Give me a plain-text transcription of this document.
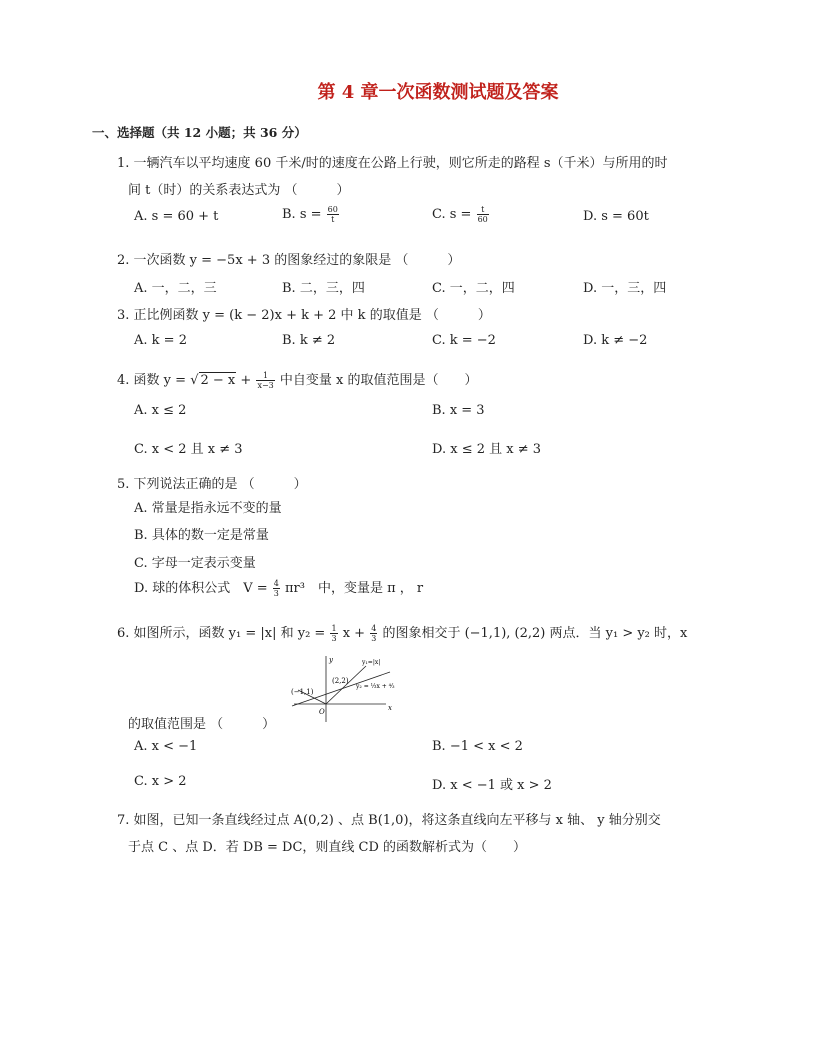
第 4 章一次函数测试题及答案
一、选择题（共 12 小题；共 36 分）
1. 一辆汽车以平均速度 60 千米/时的速度在公路上行驶，则它所走的路程 s（千米）与所用的时
间 t（时）的关系表达式为 （　　　）
A. s = 60 + t	B. $s = \frac{60}{t}$	C. $s = \frac{t}{60}$	D. s = 60t
2. 一次函数 y = −5x + 3 的图象经过的象限是 （　　　）
A. 一，二，三	B. 二，三，四	C. 一，二，四	D. 一，三，四
3. 正比例函数 y = (k − 2)x + k + 2 中 k 的取值是 （　　　）
A. k = 2	B. k ≠ 2	C. k = −2	D. k ≠ −2
4. 函数 y = √ $2 - x + \frac{1}{x-3}$ 中自变量 x 的取值范围是（　　）
A. x ≤ 2	B. x = 3
C. x < 2 且 x ≠ 3	D. x ≤ 2 且 x ≠ 3
5. 下列说法正确的是 （　　　）
A. 常量是指永远不变的量
B. 具体的数一定是常量
C. 字母一定表示变量
D. 球的体积公式　$V = \frac{4}{3} \pi r^3$　中，变量是 π ， r
6. 如图所示，函数 y₁ = |x| 和 $y_2 = \frac{1}{3}$ $x + \frac{4}{3}$ 的图象相交于 (−1,1), (2,2) 两点．当 y₁ > y₂ 时，x
y
x
O
(−1,1)
(2,2)
y₁=|x|
y₂ = ⅓x + ⁴⁄₃
的取值范围是 （　　　）
A. x < −1	B. −1 < x < 2
C. x > 2	D. x < −1 或 x > 2
7. 如图，已知一条直线经过点 A(0,2) 、点 B(1,0)，将这条直线向左平移与 x 轴、 y 轴分别交
于点 C 、点 D．若 DB = DC，则直线 CD 的函数解析式为（　　）
